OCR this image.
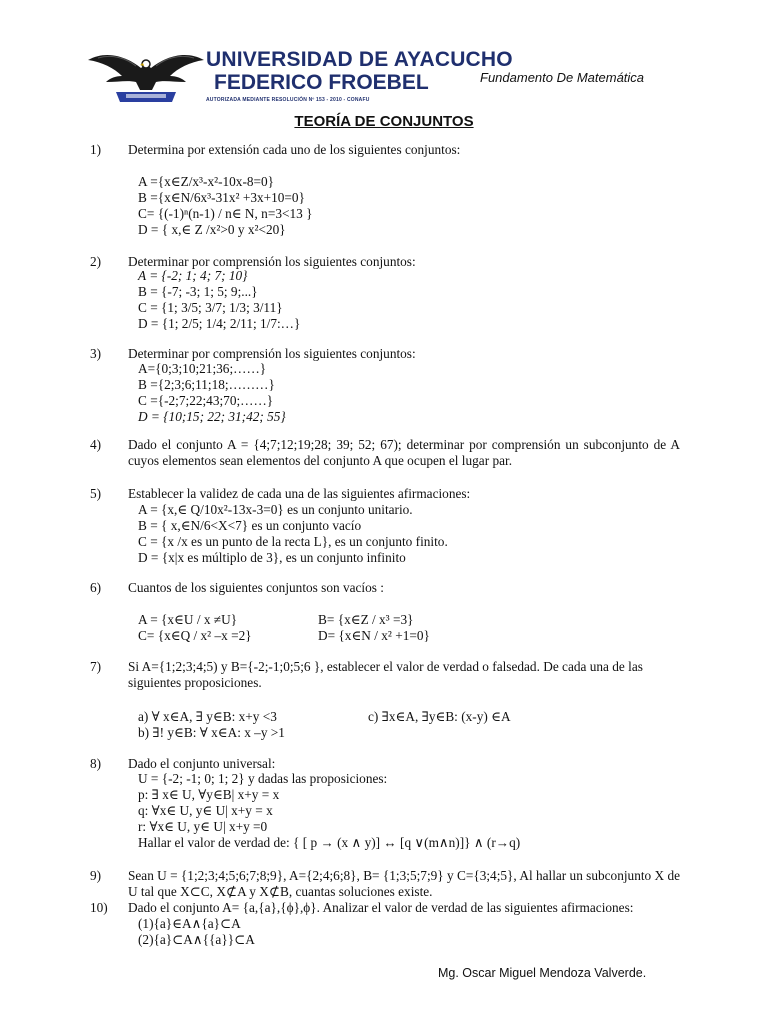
UNIVERSIDAD DE AYACUCHO
FEDERICO FROEBEL
AUTORIZADA MEDIANTE RESOLUCIÓN Nº 153 - 2010 - CONAFU
Fundamento De Matemática
TEORÍA DE CONJUNTOS
1) Determina por extensión cada uno de los siguientes conjuntos:
A ={x∈Z/x³-x²-10x-8=0}
B ={x∈N/6x³-31x² +3x+10=0}
C= {(-1)ⁿ(n-1) / n∈ N, n=3<13 }
D = { x,∈ Z /x²>0 y x²<20}
2) Determinar por comprensión los siguientes conjuntos:
A = {-2; 1; 4; 7; 10}
B = {-7; -3; 1; 5; 9;...}
C = {1; 3/5; 3/7; 1/3; 3/11}
D = {1; 2/5; 1/4; 2/11; 1/7:…}
3) Determinar por comprensión los siguientes conjuntos:
A={0;3;10;21;36;……}
B ={2;3;6;11;18;………}
C ={-2;7;22;43;70;……}
D = {10;15; 22; 31;42; 55}
4) Dado el conjunto A = {4;7;12;19;28; 39; 52; 67); determinar por comprensión un subconjunto de A cuyos elementos sean elementos del conjunto A que ocupen el lugar par.
5) Establecer la validez de cada una de las siguientes afirmaciones:
A = {x,∈ Q/10x²-13x-3=0} es un conjunto unitario.
B = { x,∈N/6<X<7} es un conjunto vacío
C = {x /x es un punto de la recta L}, es un conjunto finito.
D = {x|x es múltiplo de 3}, es un conjunto infinito
6) Cuantos de los siguientes conjuntos son vacíos :
A = {x∈U / x ≠U}	B= {x∈Z / x³ =3}
C= {x∈Q / x² –x =2}	D= {x∈N / x² +1=0}
7) Si A={1;2;3;4;5) y B={-2;-1;0;5;6 }, establecer el valor de verdad o falsedad. De cada una de las siguientes proposiciones.
a) ∀ x∈A, ∃ y∈B: x+y <3	c) ∃x∈A, ∃y∈B: (x-y) ∈A
b) ∃! y∈B: ∀ x∈A: x –y >1
8) Dado el conjunto universal:
U = {-2; -1; 0; 1; 2} y dadas las proposiciones:
p: ∃ x∈ U, ∀y∈B| x+y = x
q: ∀x∈ U, y∈ U| x+y = x
r: ∀x∈ U, y∈ U| x+y =0
Hallar el valor de verdad de: { [ p → (x ∧ y)] ↔ [q ∨(m∧n)]} ∧ (r→q)
9) Sean U = {1;2;3;4;5;6;7;8;9}, A={2;4;6;8}, B= {1;3;5;7;9} y C={3;4;5}, Al hallar un subconjunto X de U tal que X⊂C, X⊄A y X⊄B, cuantas soluciones existe.
10) Dado el conjunto A= {a,{a},{ϕ},ϕ}. Analizar el valor de verdad de las siguientes afirmaciones:
(1){a}∈A∧{a}⊂A
(2){a}⊂A∧{{a}}⊂A
Mg. Oscar Miguel Mendoza Valverde.
